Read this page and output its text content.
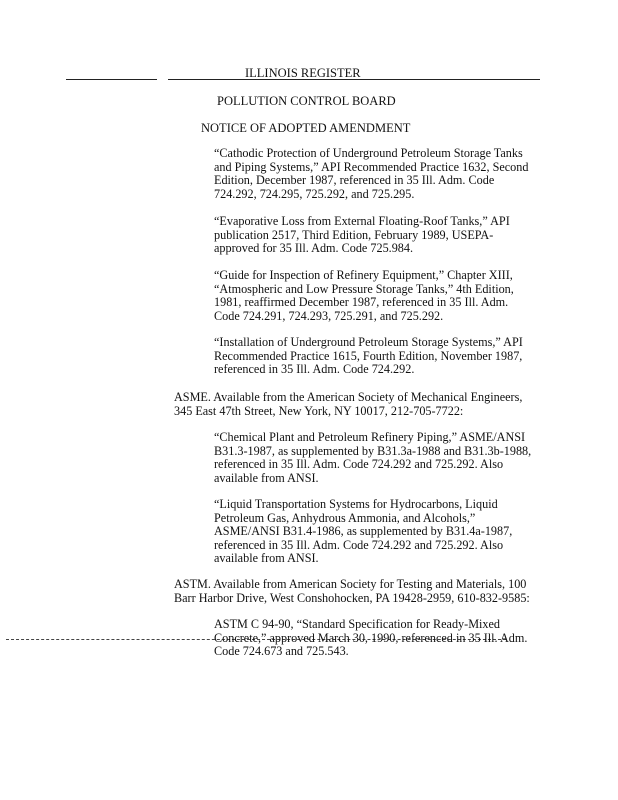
ILLINOIS REGISTER
POLLUTION CONTROL BOARD
NOTICE OF ADOPTED AMENDMENT
“Cathodic Protection of Underground Petroleum Storage Tanks and Piping Systems,” API Recommended Practice 1632, Second Edition, December 1987, referenced in 35 Ill. Adm. Code 724.292, 724.295, 725.292, and 725.295.
“Evaporative Loss from External Floating-Roof Tanks,” API publication 2517, Third Edition, February 1989, USEPA-approved for 35 Ill. Adm. Code 725.984.
“Guide for Inspection of Refinery Equipment,” Chapter XIII, “Atmospheric and Low Pressure Storage Tanks,” 4th Edition, 1981, reaffirmed December 1987, referenced in 35 Ill. Adm. Code 724.291, 724.293, 725.291, and 725.292.
“Installation of Underground Petroleum Storage Systems,” API Recommended Practice 1615, Fourth Edition, November 1987, referenced in 35 Ill. Adm. Code 724.292.
ASME. Available from the American Society of Mechanical Engineers, 345 East 47th Street, New York, NY 10017, 212-705-7722:
“Chemical Plant and Petroleum Refinery Piping,” ASME/ANSI B31.3-1987, as supplemented by B31.3a-1988 and B31.3b-1988, referenced in 35 Ill. Adm. Code 724.292 and 725.292. Also available from ANSI.
“Liquid Transportation Systems for Hydrocarbons, Liquid Petroleum Gas, Anhydrous Ammonia, and Alcohols,” ASME/ANSI B31.4-1986, as supplemented by B31.4a-1987, referenced in 35 Ill. Adm. Code 724.292 and 725.292. Also available from ANSI.
ASTM. Available from American Society for Testing and Materials, 100 Barr Harbor Drive, West Conshohocken, PA 19428-2959, 610-832-9585:
ASTM C 94-90, “Standard Specification for Ready-Mixed Concrete,” approved March 30, 1990, referenced in 35 Ill. Adm. Code 724.673 and 725.543.
